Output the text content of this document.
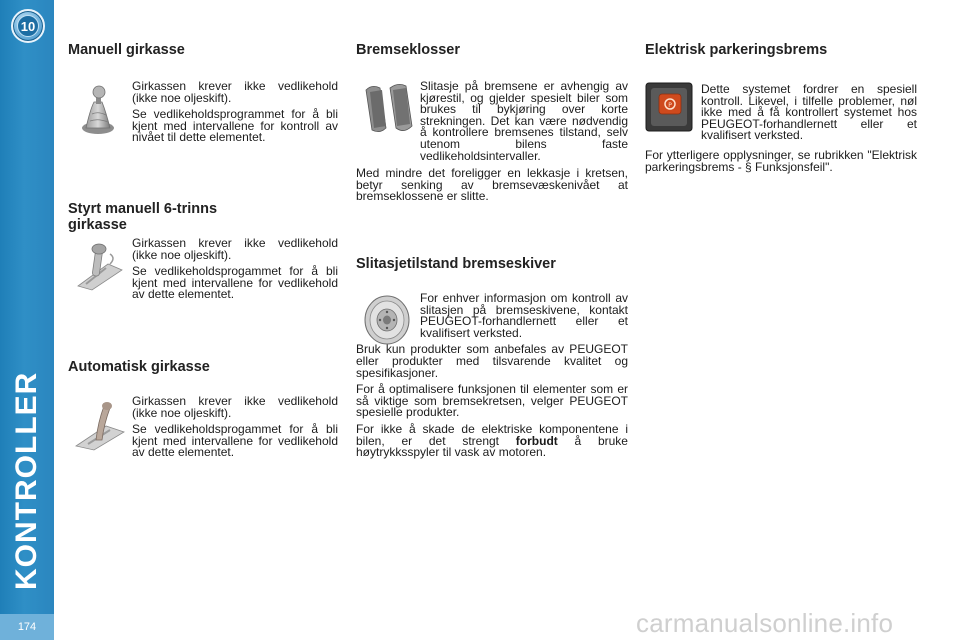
10
KONTROLLER
174
Manuell girkasse

Girkassen krever ikke vedlikehold (ikke noe oljeskift).

Se vedlikeholdsprogrammet for å bli kjent med intervallene for kontroll av nivået til dette elementet.

Styrt manuell 6-trinns
girkasse

Girkassen krever ikke vedlikehold (ikke noe oljeskift).

Se vedlikeholdsprogammet for å bli kjent med intervallene for vedlikehold av dette elementet.

Automatisk girkasse

Girkassen krever ikke vedlikehold (ikke noe oljeskift).

Se vedlikeholdsprogammet for å bli kjent med intervallene for vedlikehold av dette elementet.

Bremseklosser

Slitasje på bremsene er avhengig av kjørestil, og gjelder spesielt biler som brukes til bykjøring over korte strekningen. Det kan være nødvendig å kontrollere bremsenes tilstand, selv utenom bilens faste vedlikeholdsintervaller.

Med mindre det foreligger en lekkasje i kretsen, betyr senking av bremsevæskenivået at bremseklossene er slitte.

Slitasjetilstand bremseskiver

For enhver informasjon om kontroll av slitasjen på bremseskivene, kontakt PEUGEOT-forhandlernett eller et kvalifisert verksted.

Bruk kun produkter som anbefales av PEUGEOT eller produkter med tilsvarende kvalitet og spesifikasjoner.

For å optimalisere funksjonen til elementer som er så viktige som bremsekretsen, velger PEUGEOT spesielle produkter.

For ikke å skade de elektriske komponentene i bilen, er det strengt forbudt å bruke høytrykksspyler til vask av motoren.

Elektrisk parkeringsbrems
P

Dette systemet fordrer en spesiell kontroll. Likevel, i tilfelle problemer, nøl ikke med å få kontrollert systemet hos PEUGEOT-forhandlernett eller et kvalifisert verksted.

For ytterligere opplysninger, se rubrikken "Elektrisk parkeringsbrems - § Funksjonsfeil".

carmanualsonline.info
